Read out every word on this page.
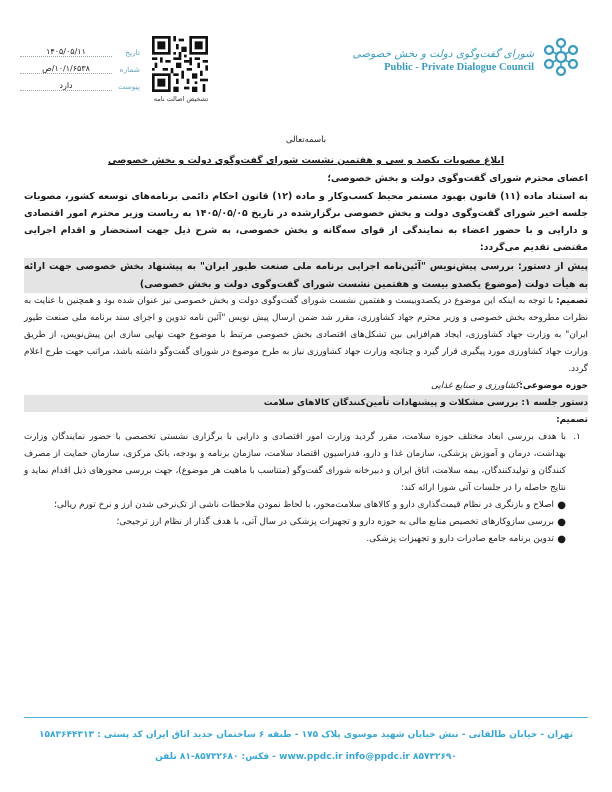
تاریخ
۱۴۰۵/۰۵/۱۱
شماره
۱۰/۱/۶۵۳۸/ص
پیوست
دارد
تشخیص اصالت نامه
شورای گفت‌وگوی دولت و بخش خصوصی
Public - Private Dialogue Council
باسمه‌تعالی
ابلاغ مصوبات یکصد و سی و هفتمین نشست شورای گفت‌وگوی دولت و بخش خصوصی

اعضای محترم شورای گفت‌وگوی دولت و بخش خصوصی؛

به استناد ماده (۱۱) قانون بهبود مستمر محیط کسب‌وکار و ماده (۱۲) قانون احکام دائمی برنامه‌های توسعه کشور، مصوبات جلسه اخیر شورای گفت‌وگوی دولت و بخش خصوصی برگزارشده در تاریخ ۱۴۰۵/۰۵/۰۵ به ریاست وزیر محترم امور اقتصادی و دارایی و با حضور اعضاء به نمایندگی از قوای سه‌گانه و بخش خصوصی، به شرح ذیل جهت استحضار و اقدام اجرایی مقتضی تقدیم می‌گردد:

پیش از دستور: بررسی پیش‌نویس "آئین‌نامه اجرایی برنامه ملی صنعت طیور ایران" به پیشنهاد بخش خصوصی جهت ارائه به هیأت دولت (موضوع یکصدو بیست و هفتمین نشست شورای گفت‌وگوی دولت و بخش خصوصی)

تصمیم: با توجه به اینکه این موضوع در یکصدوبیست و هفتمین نشست شورای گفت‌وگوی دولت و بخش خصوصی نیز عنوان شده بود و همچنین با عنایت به نظرات مطروحه بخش خصوصی و وزیر محترم جهاد کشاورزی، مقرر شد ضمن ارسال پیش نویس "آئین نامه تدوین و اجرای سند برنامه ملی صنعت طیور ایران" به وزارت جهاد کشاورزی، ایجاد هم‌افزایی بین تشکل‌های اقتصادی بخش خصوصی مرتبط با موضوع جهت نهایی سازی این پیش‌نویس، از طریق وزارت جهاد کشاورزی مورد پیگیری قرار گیرد و چنانچه وزارت جهاد کشاورزی نیاز به طرح موضوع در شورای گفت‌وگو داشته باشد، مراتب جهت طرح اعلام گردد.

حوزه موضوعی:کشاورزی و صنایع غذایی

دستور جلسه ۱: بررسی مشکلات و پیشنهادات تأمین‌کنندگان کالاهای سلامت

تصمیم:

۱.
با هدف بررسی ابعاد مختلف حوزه سلامت، مقرر گردید وزارت امور اقتصادی و دارایی با برگزاری نشستی تخصصی با حضور نمایندگان وزارت بهداشت، درمان و آموزش پزشکی، سازمان غذا و دارو، فدراسیون اقتصاد سلامت، سازمان برنامه و بودجه، بانک مرکزی، سازمان حمایت از مصرف کنندگان و تولیدکنندگان، بیمه سلامت، اتاق ایران و دبیرخانه شورای گفت‌وگو (متناسب با ماهیت هر موضوع)، جهت بررسی محورهای ذیل اقدام نماید و نتایج حاصله را در جلسات آتی شورا ارائه کند:
●
اصلاح و بازنگری در نظام قیمت‌گذاری دارو و کالاهای سلامت‌محور، با لحاظ نمودن ملاحظات ناشی از تک‌نرخی شدن ارز و نرخ تورم ریالی؛
●
بررسی سازوکارهای تخصیص منابع مالی به حوزه دارو و تجهیزات پزشکی در سال آتی، با هدف گذار از نظام ارز ترجیحی؛
●
تدوین برنامه جامع صادرات دارو و تجهیزات پزشکی.
تهران - خیابان طالقانی - نبش خیابان شهید موسوی پلاک ۱۷۵ - طبقه ۶ ساختمان جدید اتاق ایران کد پستی : ۱۵۸۳۶۴۴۳۱۳
www.ppdc.ir info@ppdc.ir ۸۵۷۳۲۶۹۰ - فکس: ۸۵۷۳۲۶۸۰-۸۱ تلفن
